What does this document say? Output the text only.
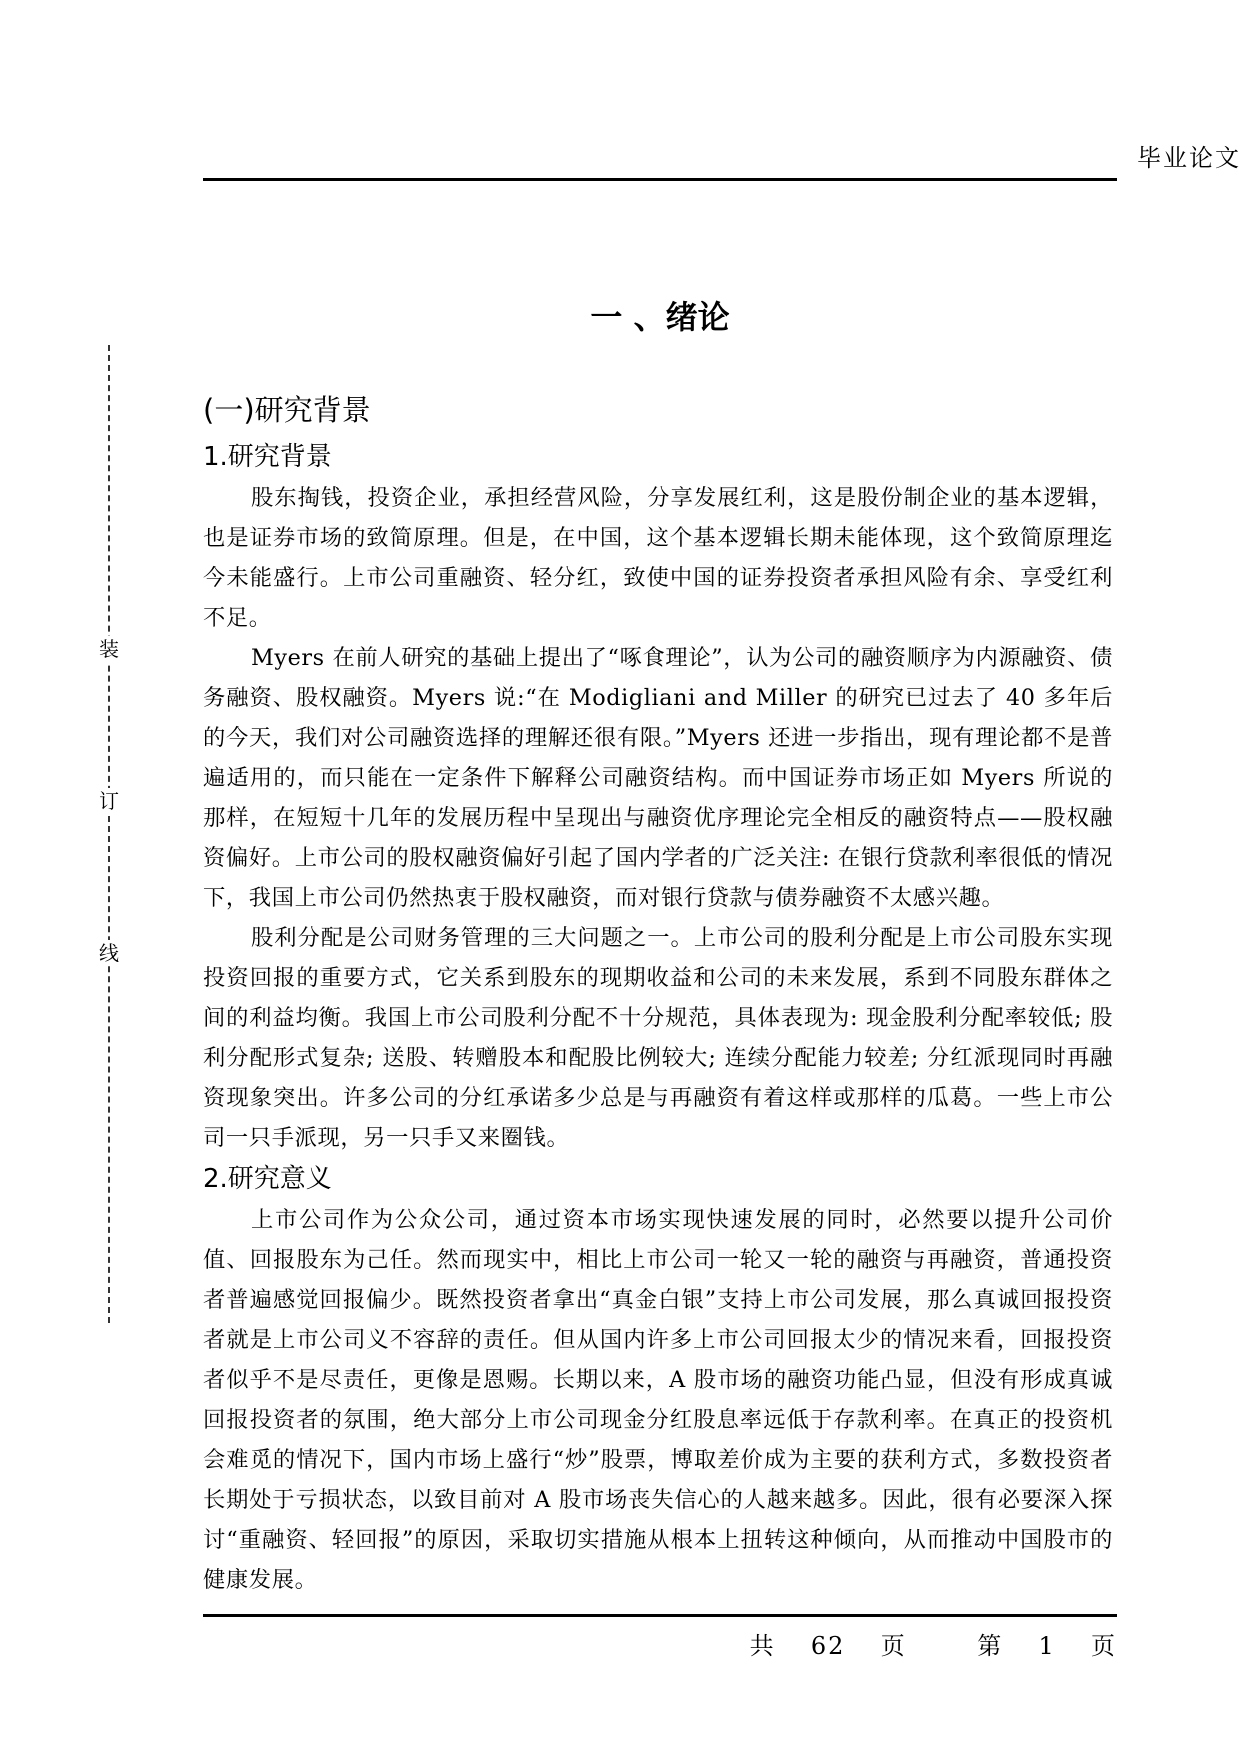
毕业论文
装
订
线
一 、绪论
(一)研究背景
1.研究背景

股东掏钱，投资企业，承担经营风险，分享发展红利，这是股份制企业的基本逻辑，也是证券市场的致简原理。但是，在中国，这个基本逻辑长期未能体现，这个致简原理迄今未能盛行。上市公司重融资、轻分红，致使中国的证券投资者承担风险有余、享受红利不足。

Myers 在前人研究的基础上提出了“啄食理论”，认为公司的融资顺序为内源融资、债务融资、股权融资。Myers 说:“在 Modigliani and Miller 的研究已过去了 40 多年后的今天，我们对公司融资选择的理解还很有限。”Myers 还进一步指出，现有理论都不是普遍适用的，而只能在一定条件下解释公司融资结构。而中国证券市场正如 Myers 所说的那样，在短短十几年的发展历程中呈现出与融资优序理论完全相反的融资特点——股权融资偏好。上市公司的股权融资偏好引起了国内学者的广泛关注: 在银行贷款利率很低的情况下，我国上市公司仍然热衷于股权融资，而对银行贷款与债券融资不太感兴趣。

股利分配是公司财务管理的三大问题之一。上市公司的股利分配是上市公司股东实现投资回报的重要方式，它关系到股东的现期收益和公司的未来发展，系到不同股东群体之间的利益均衡。我国上市公司股利分配不十分规范，具体表现为: 现金股利分配率较低; 股利分配形式复杂; 送股、转赠股本和配股比例较大; 连续分配能力较差; 分红派现同时再融资现象突出。许多公司的分红承诺多少总是与再融资有着这样或那样的瓜葛。一些上市公司一只手派现，另一只手又来圈钱。

2.研究意义

上市公司作为公众公司，通过资本市场实现快速发展的同时，必然要以提升公司价值、回报股东为己任。然而现实中，相比上市公司一轮又一轮的融资与再融资，普通投资者普遍感觉回报偏少。既然投资者拿出“真金白银”支持上市公司发展，那么真诚回报投资者就是上市公司义不容辞的责任。但从国内许多上市公司回报太少的情况来看，回报投资者似乎不是尽责任，更像是恩赐。长期以来，A 股市场的融资功能凸显，但没有形成真诚回报投资者的氛围，绝大部分上市公司现金分红股息率远低于存款利率。在真正的投资机会难觅的情况下，国内市场上盛行“炒”股票，博取差价成为主要的获利方式，多数投资者长期处于亏损状态，以致目前对 A 股市场丧失信心的人越来越多。因此，很有必要深入探讨“重融资、轻回报”的原因，采取切实措施从根本上扭转这种倾向，从而推动中国股市的健康发展。

共  62  页    第  1  页
